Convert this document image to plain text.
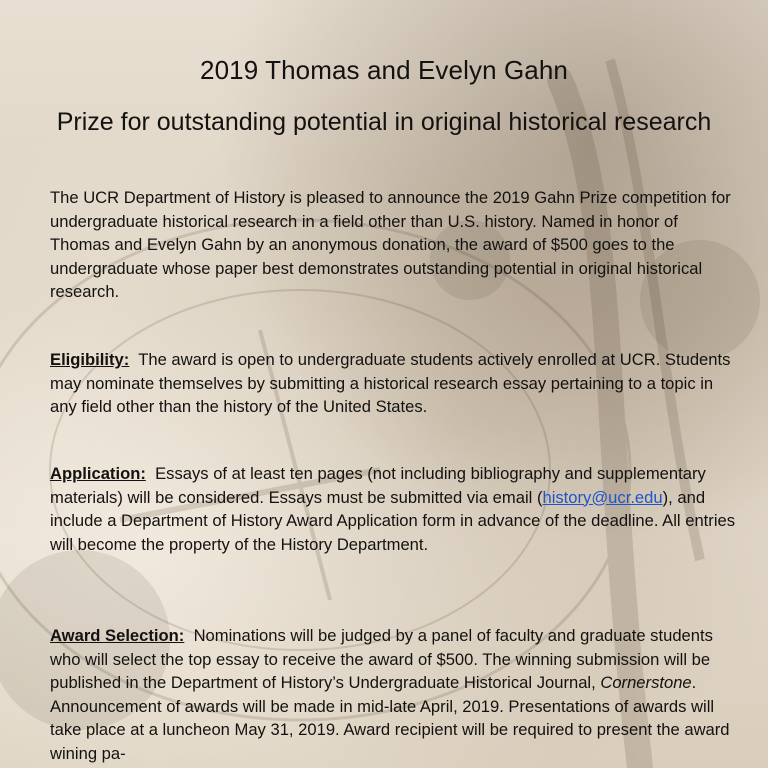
2019 Thomas and Evelyn Gahn
Prize for outstanding potential in original historical research

The UCR Department of History is pleased to announce the 2019 Gahn Prize competition for undergraduate historical research in a field other than U.S. history. Named in honor of Thomas and Evelyn Gahn by an anonymous donation, the award of $500 goes to the undergraduate whose paper best demonstrates outstanding potential in original historical research.

Eligibility: The award is open to undergraduate students actively enrolled at UCR. Students may nominate themselves by submitting a historical research essay pertaining to a topic in any field other than the history of the United States.

Application: Essays of at least ten pages (not including bibliography and supplementary materials) will be considered. Essays must be submitted via email (history@ucr.edu), and include a Department of History Award Application form in advance of the deadline. All entries will become the property of the History Department.

Award Selection: Nominations will be judged by a panel of faculty and graduate students who will select the top essay to receive the award of $500. The winning submission will be published in the Department of History’s Undergraduate Historical Journal, Cornerstone. Announcement of awards will be made in mid-late April, 2019. Presentations of awards will take place at a luncheon May 31, 2019. Award recipient will be required to present the award wining pa-
